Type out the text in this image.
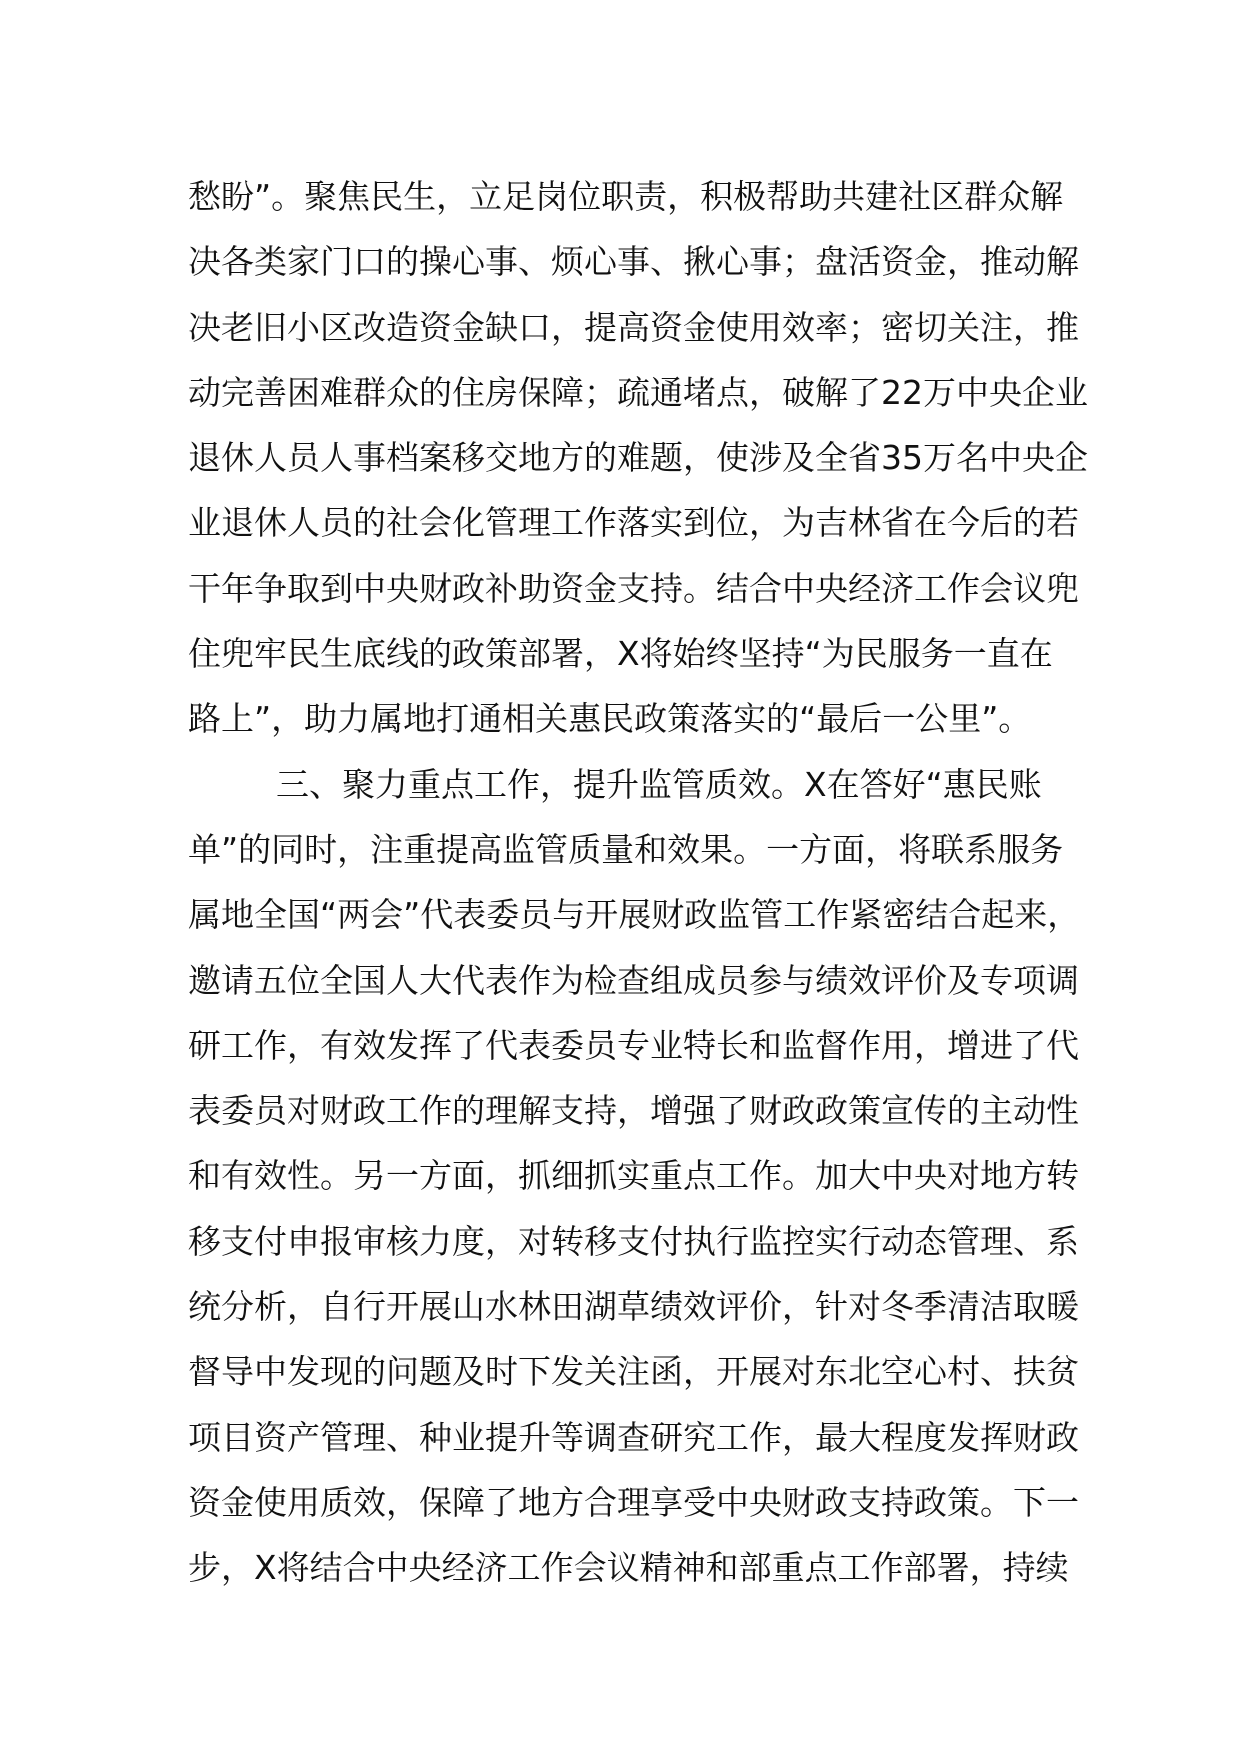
愁盼”。聚焦民生，立足岗位职责，积极帮助共建社区群众解
决各类家门口的操心事、烦心事、揪心事；盘活资金，推动解
决老旧小区改造资金缺口，提高资金使用效率；密切关注，推
动完善困难群众的住房保障；疏通堵点，破解了22万中央企业
退休人员人事档案移交地方的难题，使涉及全省35万名中央企
业退休人员的社会化管理工作落实到位，为吉林省在今后的若
干年争取到中央财政补助资金支持。结合中央经济工作会议兜
住兜牢民生底线的政策部署，X将始终坚持“为民服务一直在
路上”，助力属地打通相关惠民政策落实的“最后一公里”。
三、聚力重点工作，提升监管质效。X在答好“惠民账
单”的同时，注重提高监管质量和效果。一方面，将联系服务
属地全国“两会”代表委员与开展财政监管工作紧密结合起来，
邀请五位全国人大代表作为检查组成员参与绩效评价及专项调
研工作，有效发挥了代表委员专业特长和监督作用，增进了代
表委员对财政工作的理解支持，增强了财政政策宣传的主动性
和有效性。另一方面，抓细抓实重点工作。加大中央对地方转
移支付申报审核力度，对转移支付执行监控实行动态管理、系
统分析，自行开展山水林田湖草绩效评价，针对冬季清洁取暖
督导中发现的问题及时下发关注函，开展对东北空心村、扶贫
项目资产管理、种业提升等调查研究工作，最大程度发挥财政
资金使用质效，保障了地方合理享受中央财政支持政策。下一
步，X将结合中央经济工作会议精神和部重点工作部署，持续
